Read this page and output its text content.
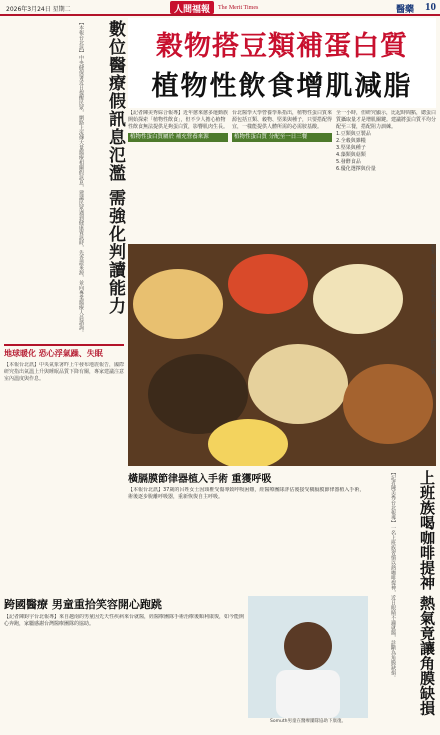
2026年3月24日 星期二	人間福報	The Merit Times	醫藥 10
數位醫療假訊息氾濫 需強化判讀能力
【本報台北訊】中央健保署近日提醒民眾，網路上流傳大量醫療相關假訊息，建議民眾遇到健康資訊時，先查證來源，並向專業醫療人員諮詢。
地球暖化 恐心浮氣躁、失眠
【本報台北訊】中央氣象署昨上午發布地震報告，國際研究指出氣溫上升與睡眠品質下降有關，專家建議注意室內溫度與作息。
穀物搭豆類補蛋白質
植物性飲食增肌減脂
【記者陳美秀綜合報導】近年愈來愈多運動族開始探索「植物性飲食」，但不少人擔心植物性飲食無法提供足夠蛋白質，影響肌肉生長。
植物性蛋白質屬於 補充營養來源
台北醫學大學營養學系指出，植物性蛋白質來源包括豆類、穀物、堅果與種子，只要搭配得宜，一樣能提供人體所需的必需胺基酸。
植物性蛋白質 分配至一日三餐
全一小時，但研究顯示，比起時間點，總蛋白質攝取量才是增肌關鍵。建議將蛋白質平均分配至三餐，搭配阻力訓練。
1.豆類與豆製品
2.全穀與雜糧
3.堅果與種子
4.藻類與菇類
5.發酵食品
6.優化選擇與份量
穀類、豆類與堅果等植物性食材，能提供人體所需的蛋白質。
橫膈膜節律器植入手術 重獲呼吸
【本報台北訊】37歲的呂姓女士因頸椎受傷導致呼吸困難，經醫療團隊評估後接受橫膈膜節律器植入手術，術後逐步脫離呼吸器，重新恢復自主呼吸。	上班族喝咖啡提神 熱氣竟讓角膜缺損
【記者陳美秀台北報導】一名上班族習慣以熱咖啡提神，近日眼睛不適就醫，診斷為角膜缺損。
跨國醫療 男童重拾笑容開心跑跳
【記者陳鈞宇台北報導】來自越南的男童因先天性疾病來台就醫，經醫療團隊手術治療後順利康復，如今能開心奔跑，家屬感謝台灣醫療團隊的協助。
Somuth男童在醫療團隊協助下康復。
